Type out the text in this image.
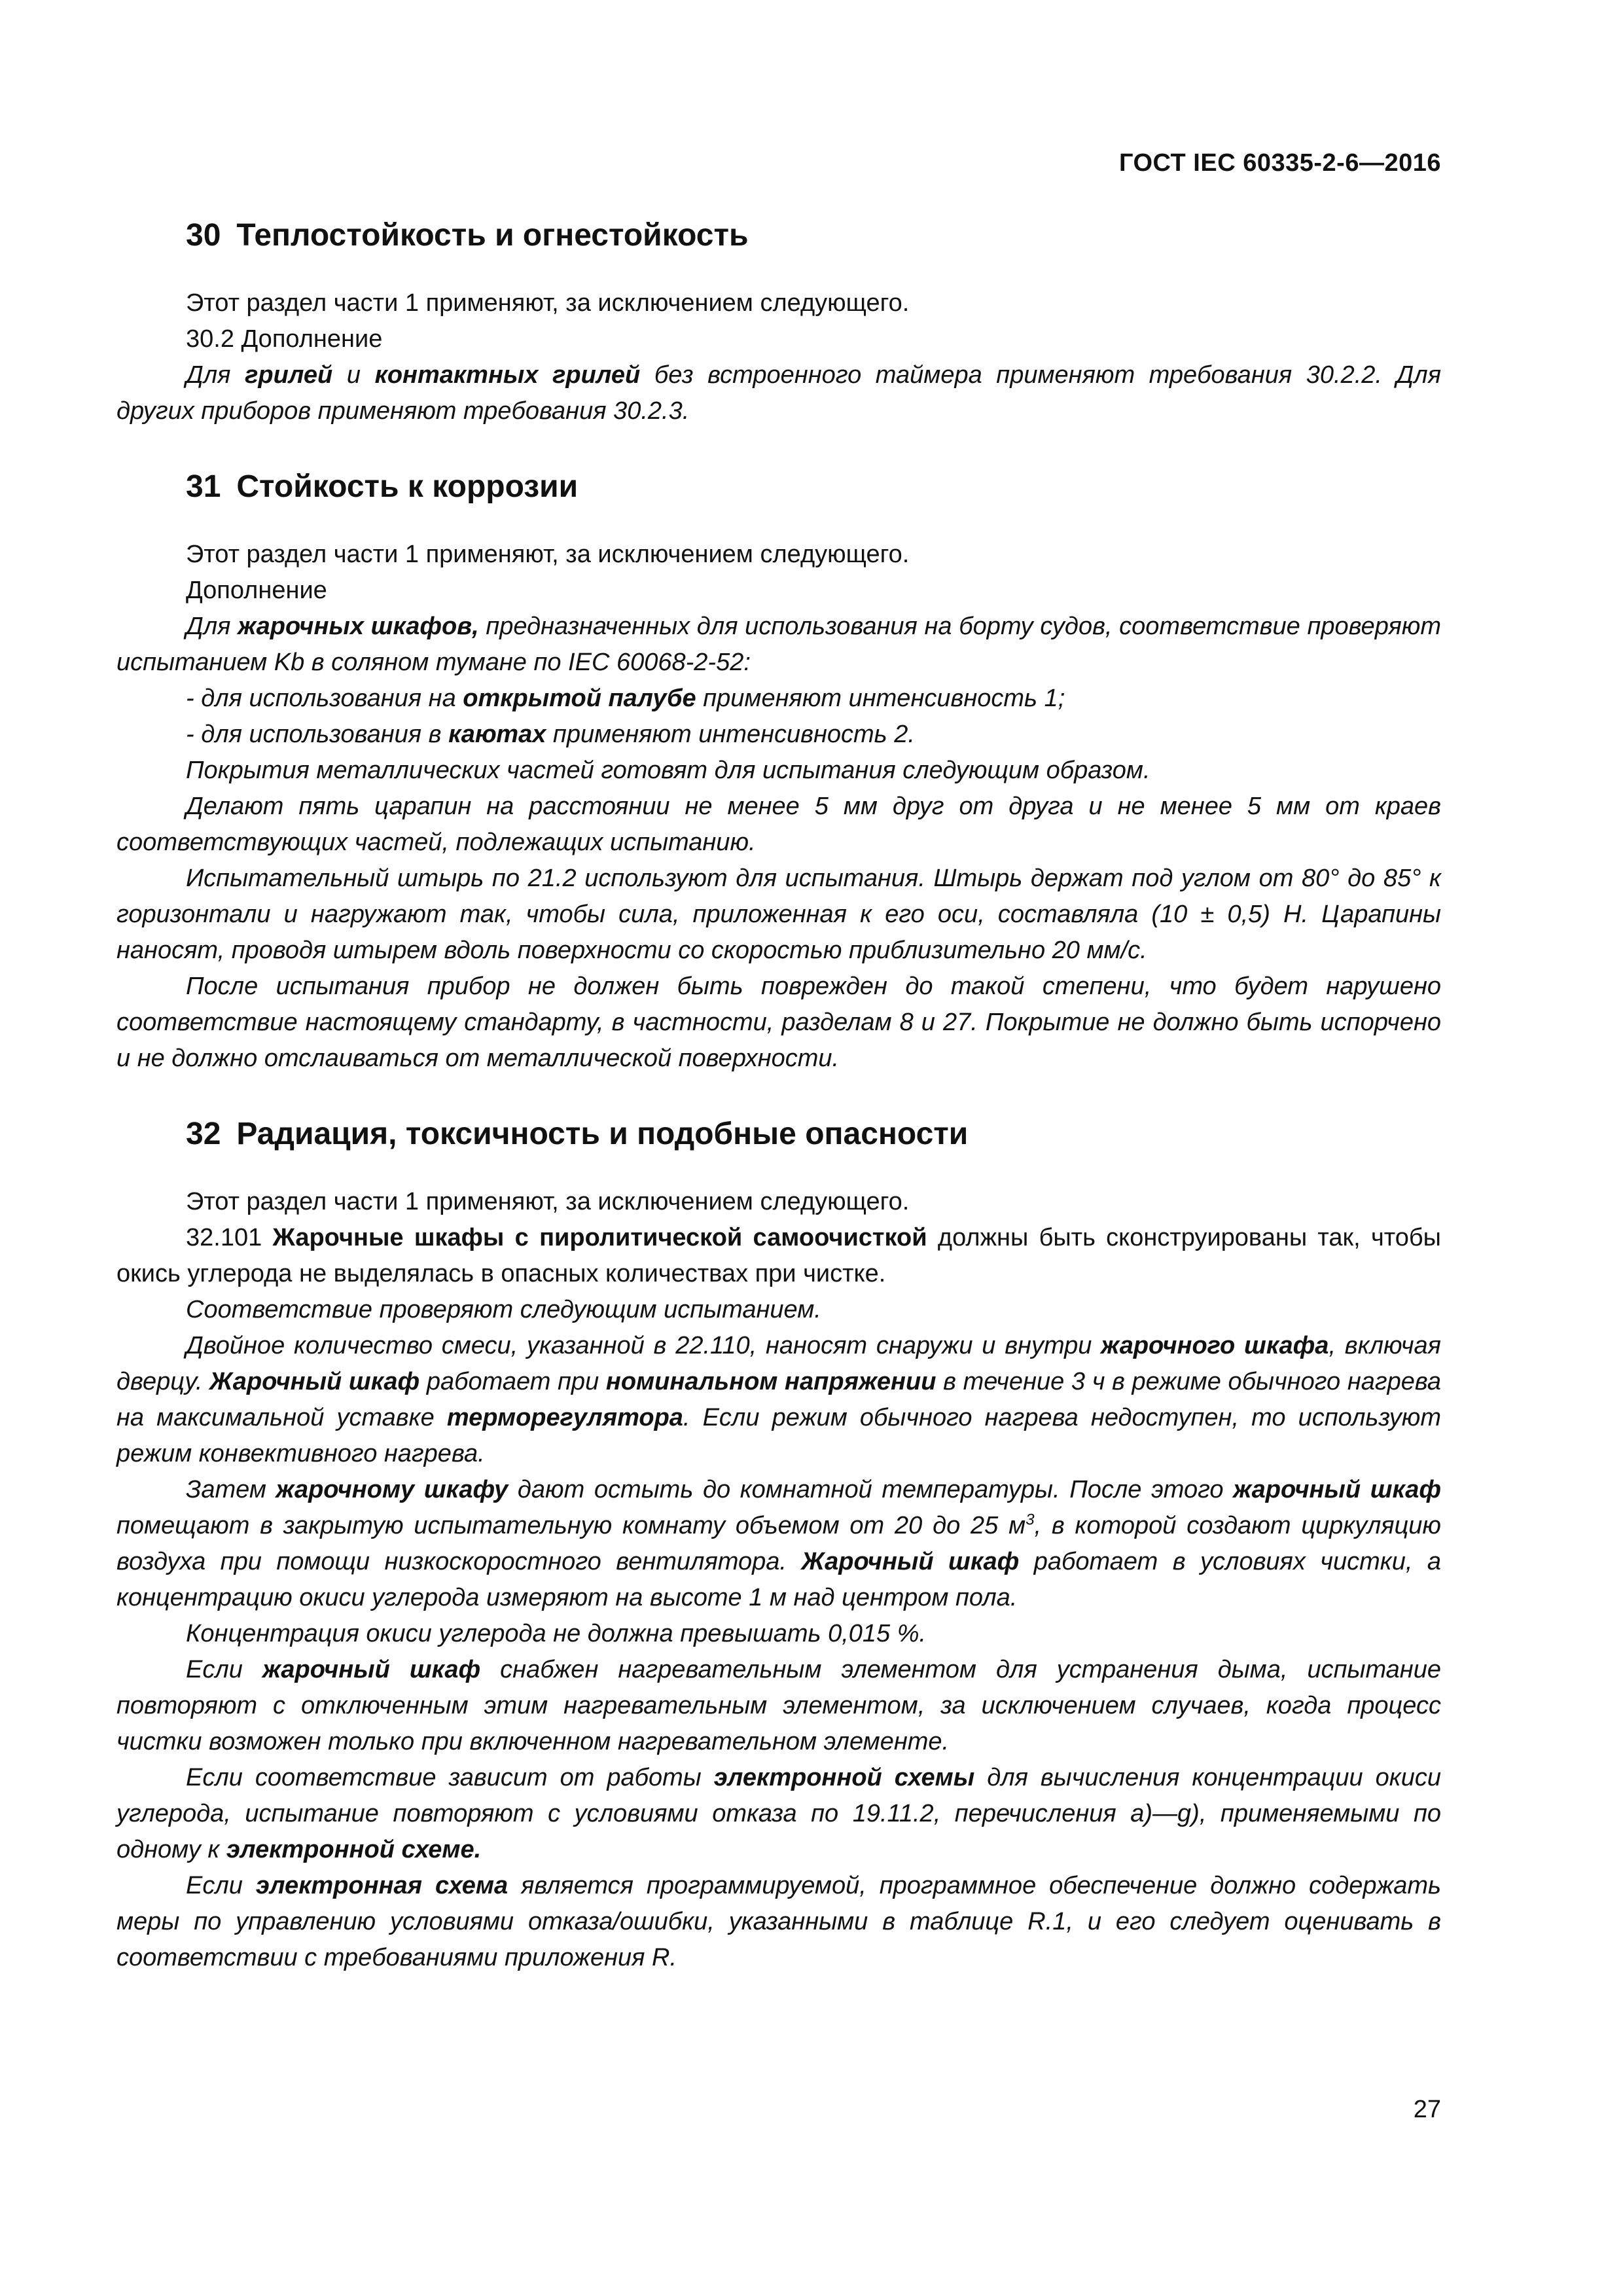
ГОСТ IEC 60335-2-6—2016
30 Теплостойкость и огнестойкость

Этот раздел части 1 применяют, за исключением следующего.

30.2 Дополнение

Для грилей и контактных грилей без встроенного таймера применяют требования 30.2.2. Для других приборов применяют требования 30.2.3.

31 Стойкость к коррозии

Этот раздел части 1 применяют, за исключением следующего.

Дополнение

Для жарочных шкафов, предназначенных для использования на борту судов, соответствие проверяют испытанием Kb в соляном тумане по IEC 60068-2-52:

- для использования на открытой палубе применяют интенсивность 1;

- для использования в каютах применяют интенсивность 2.

Покрытия металлических частей готовят для испытания следующим образом.

Делают пять царапин на расстоянии не менее 5 мм друг от друга и не менее 5 мм от краев соответствующих частей, подлежащих испытанию.

Испытательный штырь по 21.2 используют для испытания. Штырь держат под углом от 80° до 85° к горизонтали и нагружают так, чтобы сила, приложенная к его оси, составляла (10 ± 0,5) Н. Царапины наносят, проводя штырем вдоль поверхности со скоростью приблизительно 20 мм/с.

После испытания прибор не должен быть поврежден до такой степени, что будет нарушено соответствие настоящему стандарту, в частности, разделам 8 и 27. Покрытие не должно быть испорчено и не должно отслаиваться от металлической поверхности.

32 Радиация, токсичность и подобные опасности

Этот раздел части 1 применяют, за исключением следующего.

32.101 Жарочные шкафы с пиролитической самоочисткой должны быть сконструированы так, чтобы окись углерода не выделялась в опасных количествах при чистке.

Соответствие проверяют следующим испытанием.

Двойное количество смеси, указанной в 22.110, наносят снаружи и внутри жарочного шкафа, включая дверцу. Жарочный шкаф работает при номинальном напряжении в течение 3 ч в режиме обычного нагрева на максимальной уставке терморегулятора. Если режим обычного нагрева недоступен, то используют режим конвективного нагрева.

Затем жарочному шкафу дают остыть до комнатной температуры. После этого жарочный шкаф помещают в закрытую испытательную комнату объемом от 20 до 25 $м^3$, в которой создают циркуляцию воздуха при помощи низкоскоростного вентилятора. Жарочный шкаф работает в условиях чистки, а концентрацию окиси углерода измеряют на высоте 1 м над центром пола.

Концентрация окиси углерода не должна превышать 0,015 %.

Если жарочный шкаф снабжен нагревательным элементом для устранения дыма, испытание повторяют с отключенным этим нагревательным элементом, за исключением случаев, когда процесс чистки возможен только при включенном нагревательном элементе.

Если соответствие зависит от работы электронной схемы для вычисления концентрации окиси углерода, испытание повторяют с условиями отказа по 19.11.2, перечисления a)—g), применяемыми по одному к электронной схеме.

Если электронная схема является программируемой, программное обеспечение должно содержать меры по управлению условиями отказа/ошибки, указанными в таблице R.1, и его следует оценивать в соответствии с требованиями приложения R.

27
